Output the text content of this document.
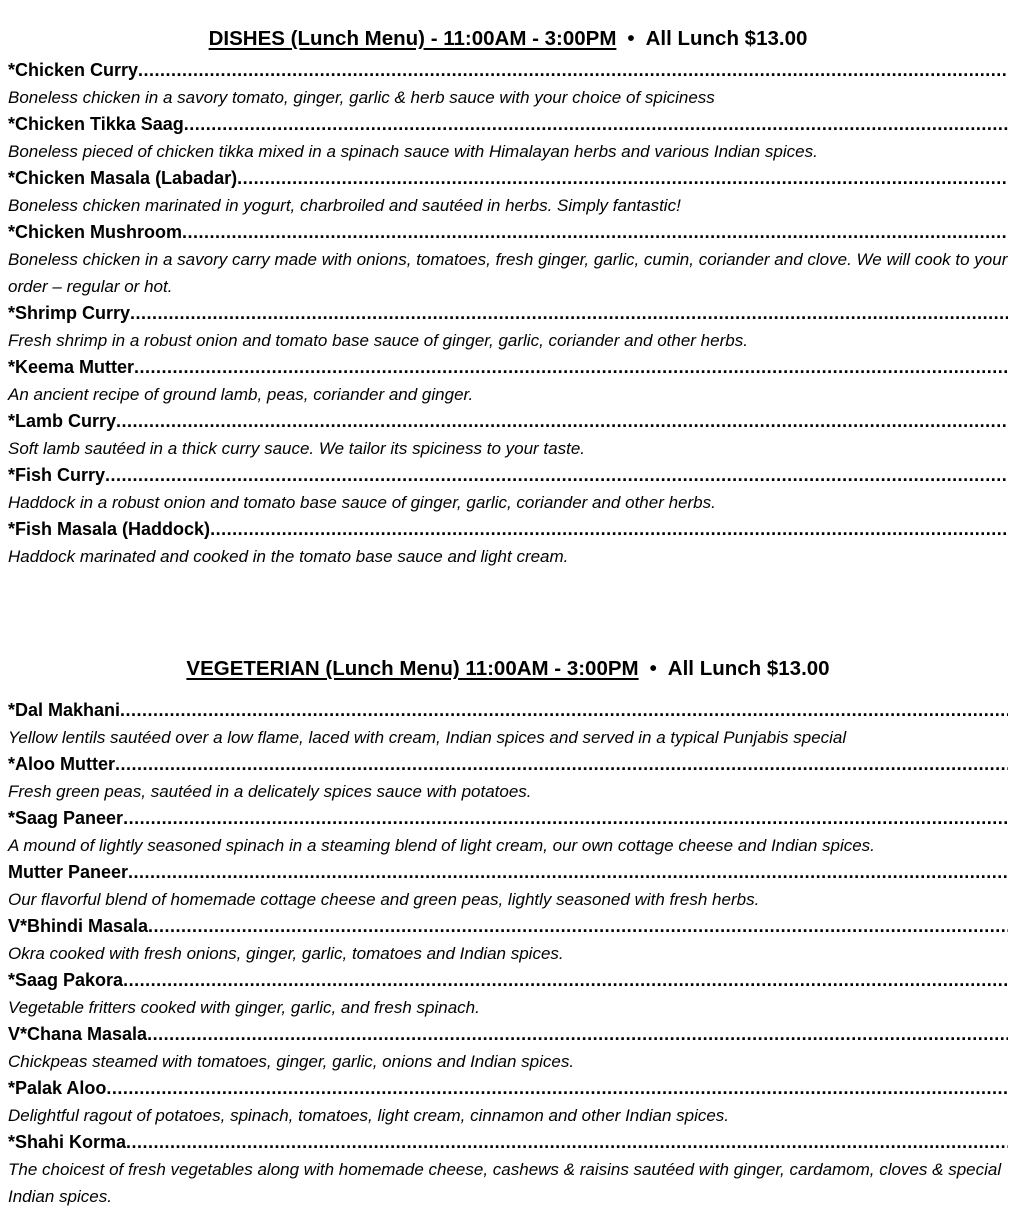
DISHES (Lunch Menu) - 11:00AM - 3:00PM • All Lunch $13.00
*Chicken Curry
.....
Boneless chicken in a savory tomato, ginger, garlic & herb sauce with your choice of spiciness
*Chicken Tikka Saag
.....
Boneless pieced of chicken tikka mixed in a spinach sauce with Himalayan herbs and various Indian spices.
*Chicken Masala (Labadar)
.....
Boneless chicken marinated in yogurt, charbroiled and sautéed in herbs. Simply fantastic!
*Chicken Mushroom
.....
Boneless chicken in a savory carry made with onions, tomatoes, fresh ginger, garlic, cumin, coriander and clove. We will cook to your order – regular or hot.
*Shrimp Curry
.....
Fresh shrimp in a robust onion and tomato base sauce of ginger, garlic, coriander and other herbs.
*Keema Mutter
.....
An ancient recipe of ground lamb, peas, coriander and ginger.
*Lamb Curry
.....
Soft lamb sautéed in a thick curry sauce. We tailor its spiciness to your taste.
*Fish Curry
.....
Haddock in a robust onion and tomato base sauce of ginger, garlic, coriander and other herbs.
*Fish Masala (Haddock)
.....
Haddock marinated and cooked in the tomato base sauce and light cream.
VEGETERIAN (Lunch Menu) 11:00AM - 3:00PM • All Lunch $13.00
*Dal Makhani
.....
Yellow lentils sautéed over a low flame, laced with cream, Indian spices and served in a typical Punjabis special
*Aloo Mutter
.....
Fresh green peas, sautéed in a delicately spices sauce with potatoes.
*Saag Paneer
.....
A mound of lightly seasoned spinach in a steaming blend of light cream, our own cottage cheese and Indian spices.
Mutter Paneer
.....
Our flavorful blend of homemade cottage cheese and green peas, lightly seasoned with fresh herbs.
V*Bhindi Masala
.....
Okra cooked with fresh onions, ginger, garlic, tomatoes and Indian spices.
*Saag Pakora
.....
Vegetable fritters cooked with ginger, garlic, and fresh spinach.
V*Chana Masala
.....
Chickpeas steamed with tomatoes, ginger, garlic, onions and Indian spices.
*Palak Aloo
.....
Delightful ragout of potatoes, spinach, tomatoes, light cream, cinnamon and other Indian spices.
*Shahi Korma
.....
The choicest of fresh vegetables along with homemade cheese, cashews & raisins sautéed with ginger, cardamom, cloves & special Indian spices.
